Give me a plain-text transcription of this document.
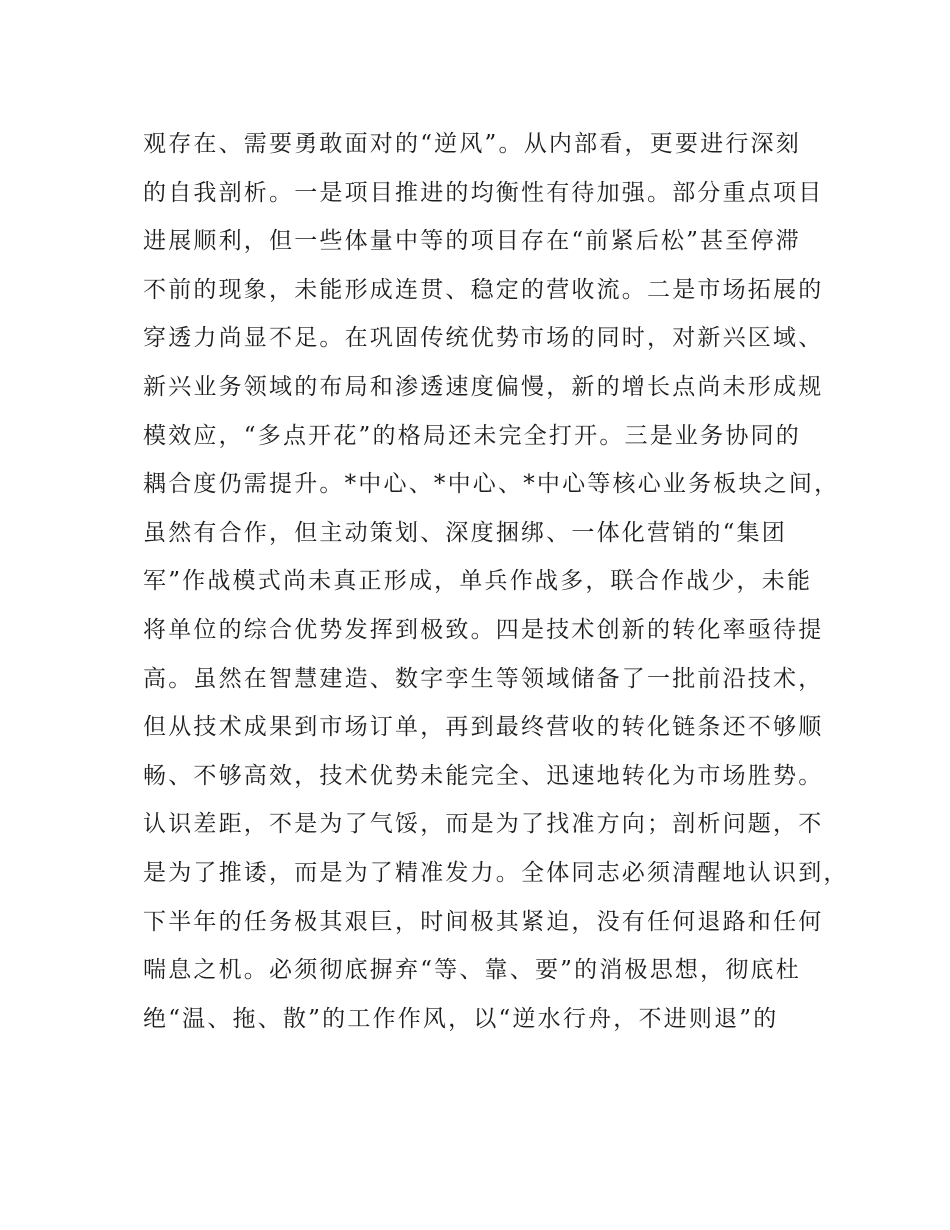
观存在、需要勇敢面对的“逆风”。从内部看，更要进行深刻
的自我剖析。一是项目推进的均衡性有待加强。部分重点项目
进展顺利，但一些体量中等的项目存在“前紧后松”甚至停滞
不前的现象，未能形成连贯、稳定的营收流。二是市场拓展的
穿透力尚显不足。在巩固传统优势市场的同时，对新兴区域、
新兴业务领域的布局和渗透速度偏慢，新的增长点尚未形成规
模效应，“多点开花”的格局还未完全打开。三是业务协同的
耦合度仍需提升。*中心、*中心、*中心等核心业务板块之间，
虽然有合作，但主动策划、深度捆绑、一体化营销的“集团
军”作战模式尚未真正形成，单兵作战多，联合作战少，未能
将单位的综合优势发挥到极致。四是技术创新的转化率亟待提
高。虽然在智慧建造、数字孪生等领域储备了一批前沿技术，
但从技术成果到市场订单，再到最终营收的转化链条还不够顺
畅、不够高效，技术优势未能完全、迅速地转化为市场胜势。
认识差距，不是为了气馁，而是为了找准方向；剖析问题，不
是为了推诿，而是为了精准发力。全体同志必须清醒地认识到，
下半年的任务极其艰巨，时间极其紧迫，没有任何退路和任何
喘息之机。必须彻底摒弃“等、靠、要”的消极思想，彻底杜
绝“温、拖、散”的工作作风，以“逆水行舟，不进则退”的
